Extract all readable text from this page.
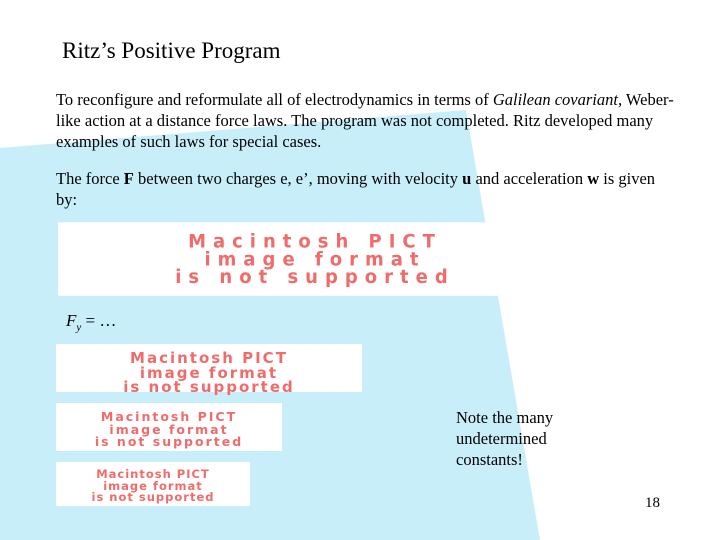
Ritz’s Positive Program
To reconfigure and reformulate all of electrodynamics in terms of Galilean covariant, Weber-like action at a distance force laws. The program was not completed. Ritz developed many examples of such laws for special cases.
The force F between two charges e, e’, moving with velocity u and acceleration w is given by:
Macintosh PICT
image format
is not supported
$F_y$ = …
Macintosh PICT
image format
is not supported
Macintosh PICT
image format
is not supported
Macintosh PICT
image format
is not supported
Note the many undetermined constants!
18
